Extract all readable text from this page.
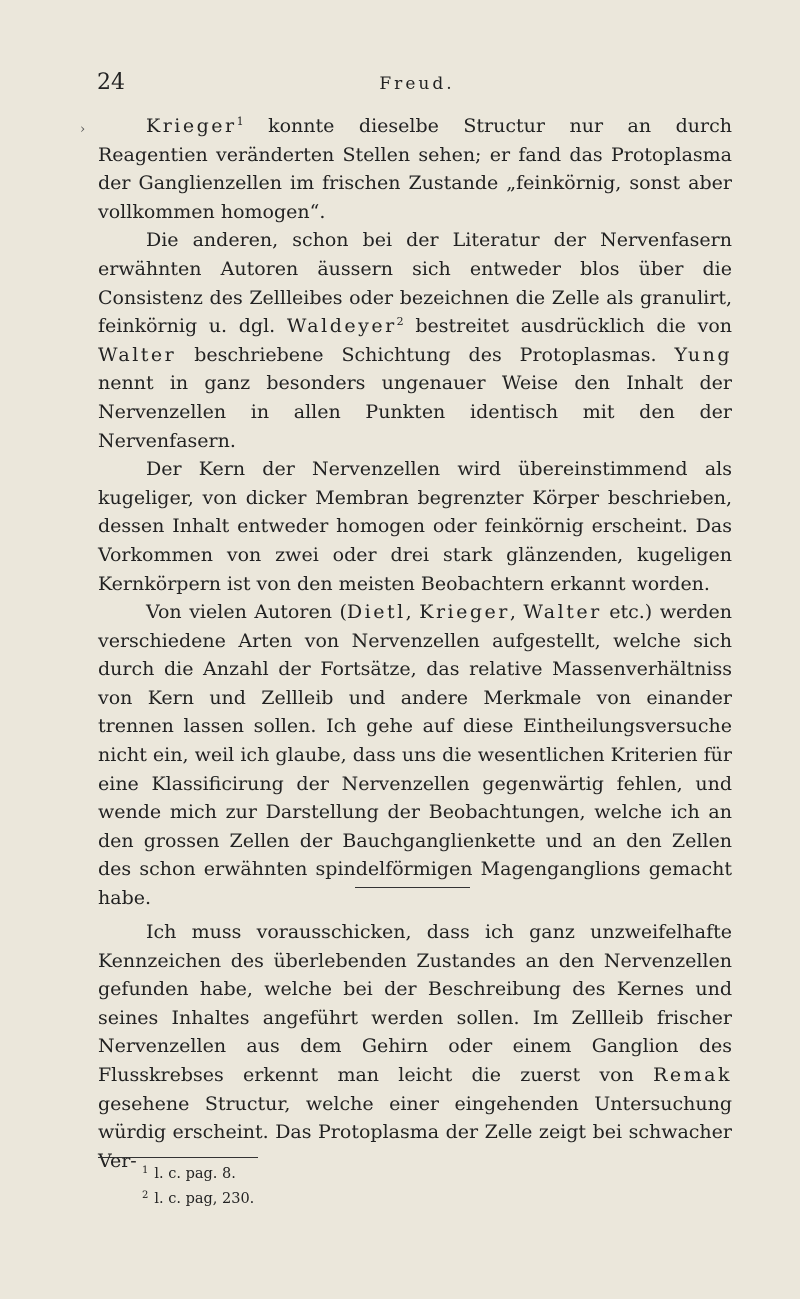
›
24	Freud.

Krieger$^1$ konnte dieselbe Structur nur an durch Reagentien veränderten Stellen sehen; er fand das Protoplasma der Ganglienzellen im frischen Zustande „feinkörnig, sonst aber vollkommen homogen“.

Die anderen, schon bei der Literatur der Nervenfasern erwähnten Autoren äussern sich entweder blos über die Consistenz des Zellleibes oder bezeichnen die Zelle als granulirt, feinkörnig u. dgl. Waldeyer$^2$ bestreitet ausdrücklich die von Walter beschriebene Schichtung des Protoplasmas. Yung nennt in ganz besonders ungenauer Weise den Inhalt der Nervenzellen in allen Punkten identisch mit den der Nervenfasern.

Der Kern der Nervenzellen wird übereinstimmend als kugeliger, von dicker Membran begrenzter Körper beschrieben, dessen Inhalt entweder homogen oder feinkörnig erscheint. Das Vorkommen von zwei oder drei stark glänzenden, kugeligen Kernkörpern ist von den meisten Beobachtern erkannt worden.

Von vielen Autoren (Dietl, Krieger, Walter etc.) werden verschiedene Arten von Nervenzellen aufgestellt, welche sich durch die Anzahl der Fortsätze, das relative Massenverhältniss von Kern und Zellleib und andere Merkmale von einander trennen lassen sollen. Ich gehe auf diese Eintheilungsversuche nicht ein, weil ich glaube, dass uns die wesentlichen Kriterien für eine Klassificirung der Nervenzellen gegenwärtig fehlen, und wende mich zur Darstellung der Beobachtungen, welche ich an den grossen Zellen der Bauchganglienkette und an den Zellen des schon erwähnten spindelförmigen Magenganglions gemacht habe.

Ich muss vorausschicken, dass ich ganz unzweifelhafte Kennzeichen des überlebenden Zustandes an den Nervenzellen gefunden habe, welche bei der Beschreibung des Kernes und seines Inhaltes angeführt werden sollen. Im Zellleib frischer Nervenzellen aus dem Gehirn oder einem Ganglion des Flusskrebses erkennt man leicht die zuerst von Remak gesehene Structur, welche einer eingehenden Untersuchung würdig erscheint. Das Protoplasma der Zelle zeigt bei schwacher Ver- $^1$ l. c. pag. 8.

$^2$ l. c. pag, 230.
